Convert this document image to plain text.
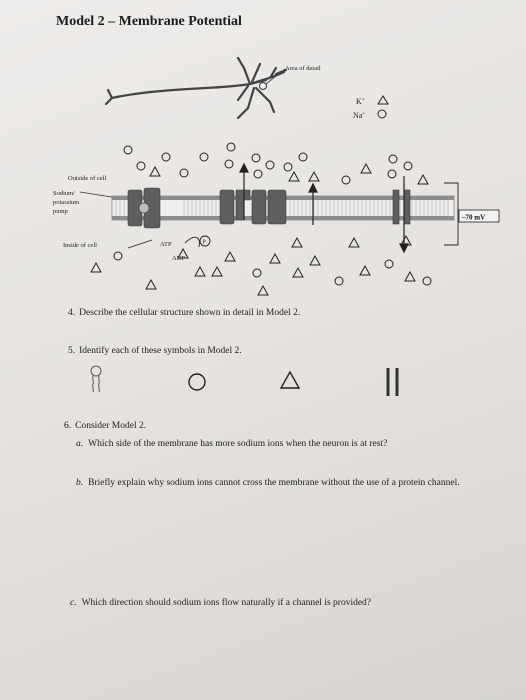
Model 2 – Membrane Potential
Area of detail
K+
Na+
Outside of cell
Sodium/
potassium
pump
Inside of cell
–70 mV
ATP
ADP
P
4. Describe the cellular structure shown in detail in Model 2.
5. Identify each of these symbols in Model 2.
6. Consider Model 2.
a. Which side of the membrane has more sodium ions when the neuron is at rest?
b. Briefly explain why sodium ions cannot cross the membrane without the use of a protein channel.
c. Which direction should sodium ions flow naturally if a channel is provided?
